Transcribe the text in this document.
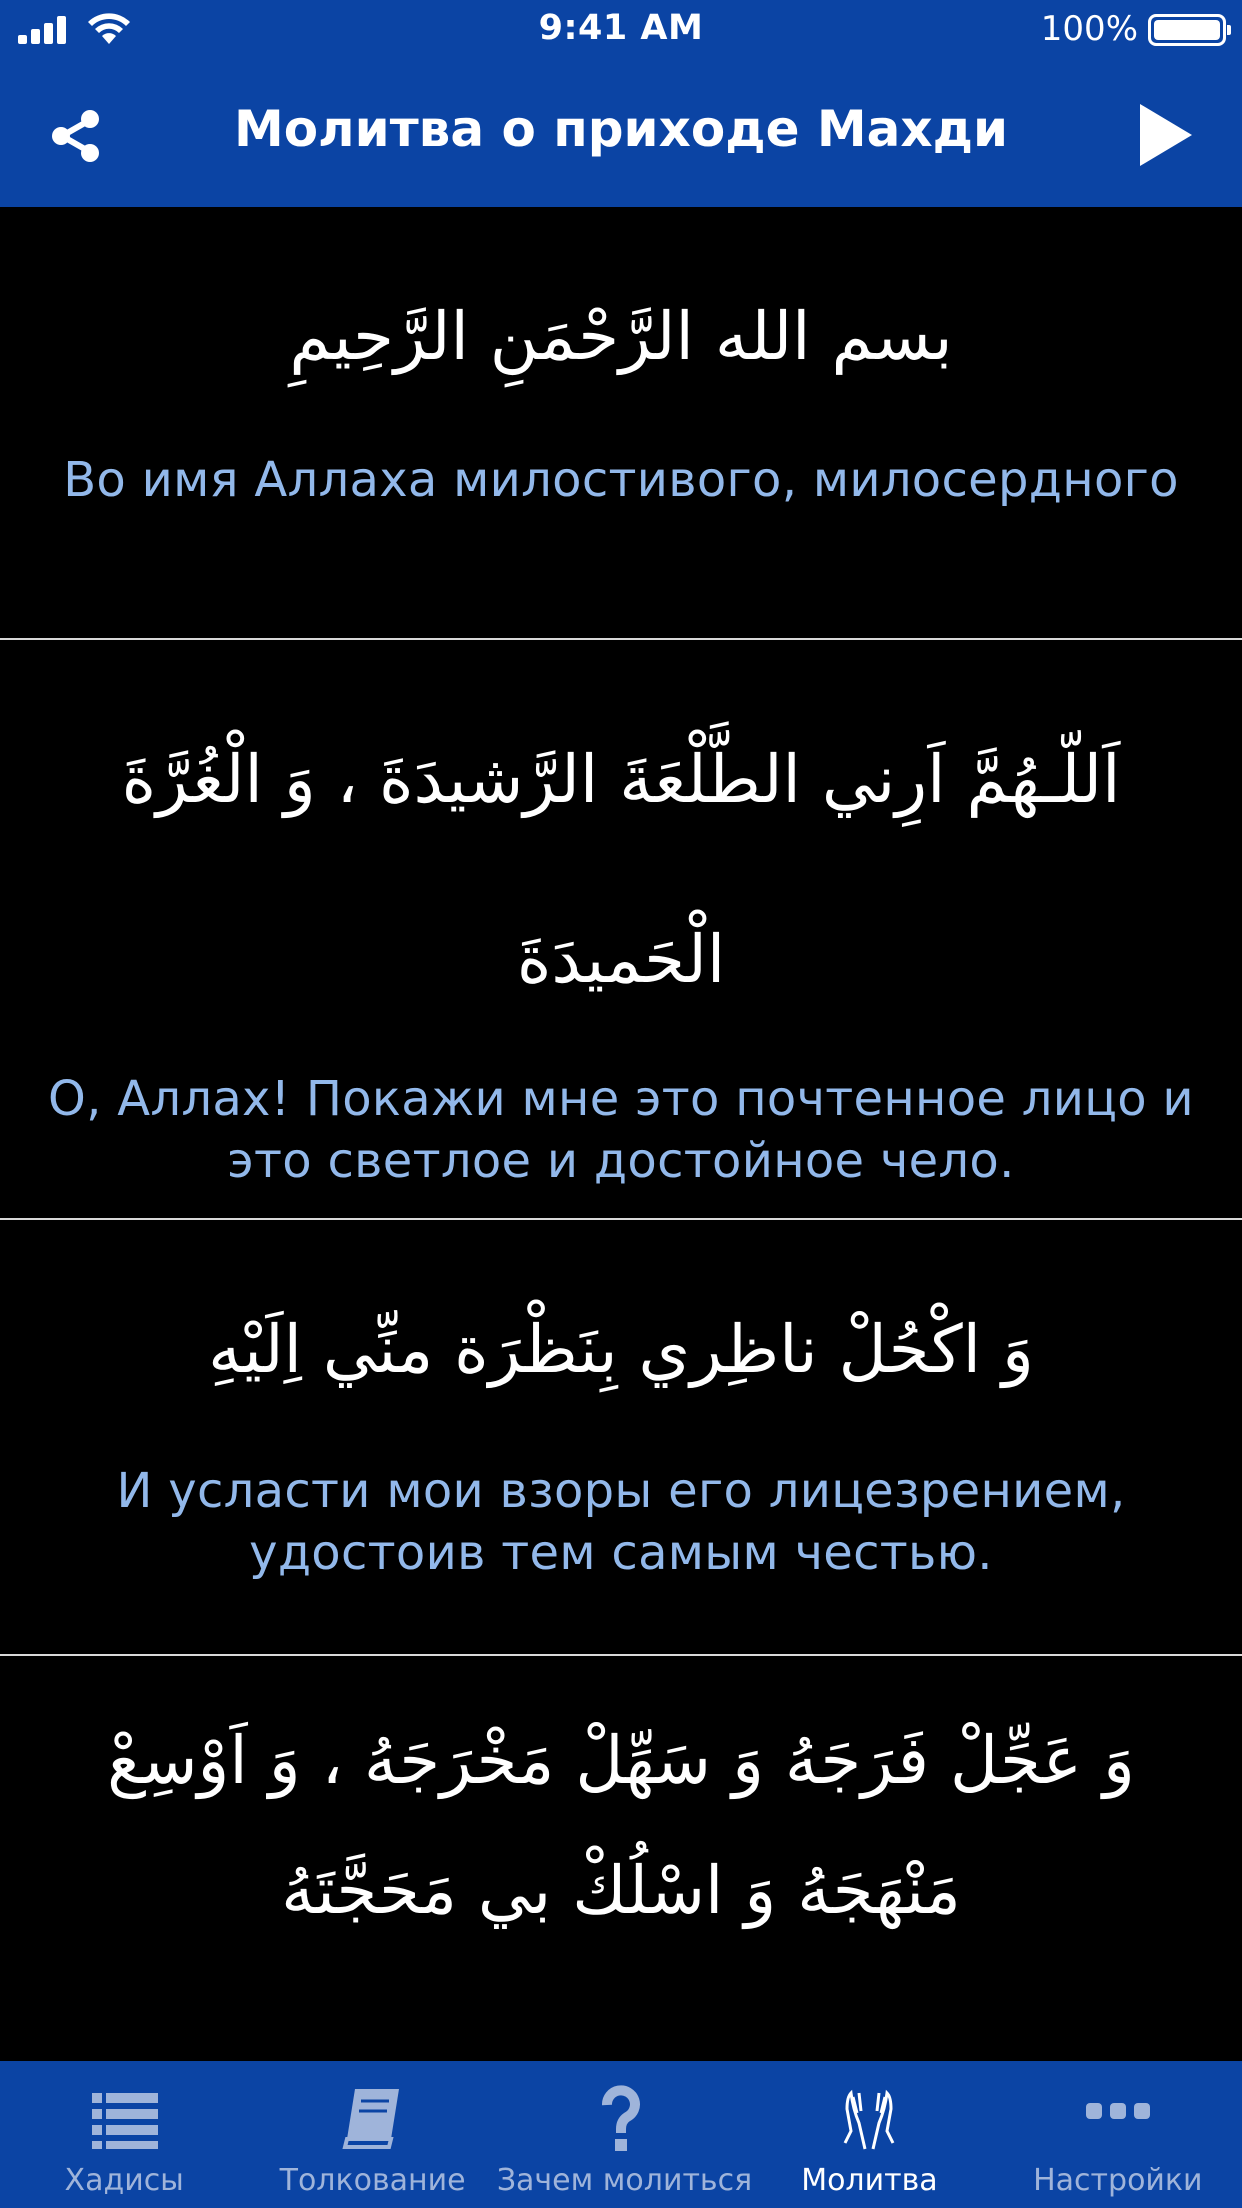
9:41 AM	100%
Молитва о приходе Махди
بسم الله الرَّحْمَنِ الرَّحِيمِ
Во имя Аллаха милостивого, милосердного
اَللّـهُمَّ اَرِني الطَّلْعَةَ الرَّشيدَةَ ، وَ الْغُرَّةَ الْحَميدَةَ
О, Аллах! Покажи мне это почтенное лицо и это светлое и достойное чело.
وَ اكْحُلْ ناظِري بِنَظْرَة منِّي اِلَيْهِ
И усласти мои взоры его лицезрением, удостоив тем самым честью.
وَ عَجِّلْ فَرَجَهُ وَ سَهِّلْ مَخْرَجَهُ ، وَ اَوْسِعْ مَنْهَجَهُ وَ اسْلُكْ بي مَحَجَّتَهُ
Хадисы	Толкование	Зачем молиться	Молитва	Настройки
